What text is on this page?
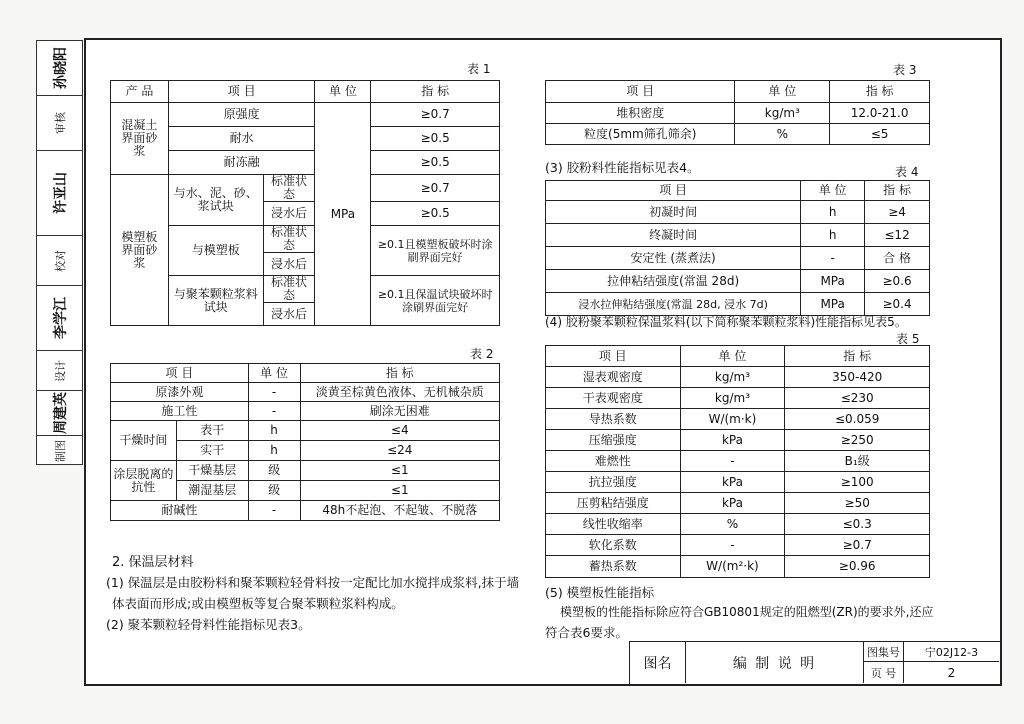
孙晓阳
审核
许亚山
校对
李学江
设计
周建英
制图
表 1
产 品	项 目		单 位	指 标
混凝土界面砂浆	原强度		MPa	≥0.7
	耐水			≥0.5
	耐冻融			≥0.5
模塑板界面砂浆	与水、泥、砂、浆试块	标准状态		≥0.7
		浸水后		≥0.5
	与模塑板	标准状态		≥0.1且模塑板破坏时涂刷界面完好
		浸水后		
	与聚苯颗粒浆料试块	标准状态		≥0.1且保温试块破坏时涂刷界面完好
		浸水后		
表 2
项 目		单 位	指 标
原漆外观		-	淡黄至棕黄色液体、无机械杂质
施工性		-	刷涂无困难
干燥时间	表干	h	≤4
	实干	h	≤24
涂层脱离的抗性	干燥基层	级	≤1
	潮湿基层	级	≤1
耐碱性		-	48h不起泡、不起皱、不脱落
2. 保温层材料
(1) 保温层是由胶粉料和聚苯颗粒轻骨料按一定配比加水搅拌成浆料,抹于墙
体表面而形成;或由模塑板等复合聚苯颗粒浆料构成。
(2) 聚苯颗粒轻骨料性能指标见表3。
表 3
项 目	单 位	指 标
堆积密度	kg/m³	12.0-21.0
粒度(5mm筛孔筛余)	%	≤5
(3) 胶粉料性能指标见表4。	表 4
项 目	单 位	指 标
初凝时间	h	≥4
终凝时间	h	≤12
安定性 (蒸煮法)	-	合 格
拉伸粘结强度(常温 28d)	MPa	≥0.6
浸水拉伸粘结强度(常温 28d, 浸水 7d)	MPa	≥0.4
(4) 胶粉聚苯颗粒保温浆料(以下简称聚苯颗粒浆料)性能指标见表5。
表 5
项 目	单 位	指 标
湿表观密度	kg/m³	350-420
干表观密度	kg/m³	≤230
导热系数	W/(m·k)	≤0.059
压缩强度	kPa	≥250
难燃性	-	B₁级
抗拉强度	kPa	≥100
压剪粘结强度	kPa	≥50
线性收缩率	%	≤0.3
软化系数	-	≥0.7
蓄热系数	W/(m²·k)	≥0.96
(5) 模塑板性能指标
模塑板的性能指标除应符合GB10801规定的阻燃型(ZR)的要求外,还应
符合表6要求。
图名	编 制 说 明
图集号	宁02J12-3
页 号	2
